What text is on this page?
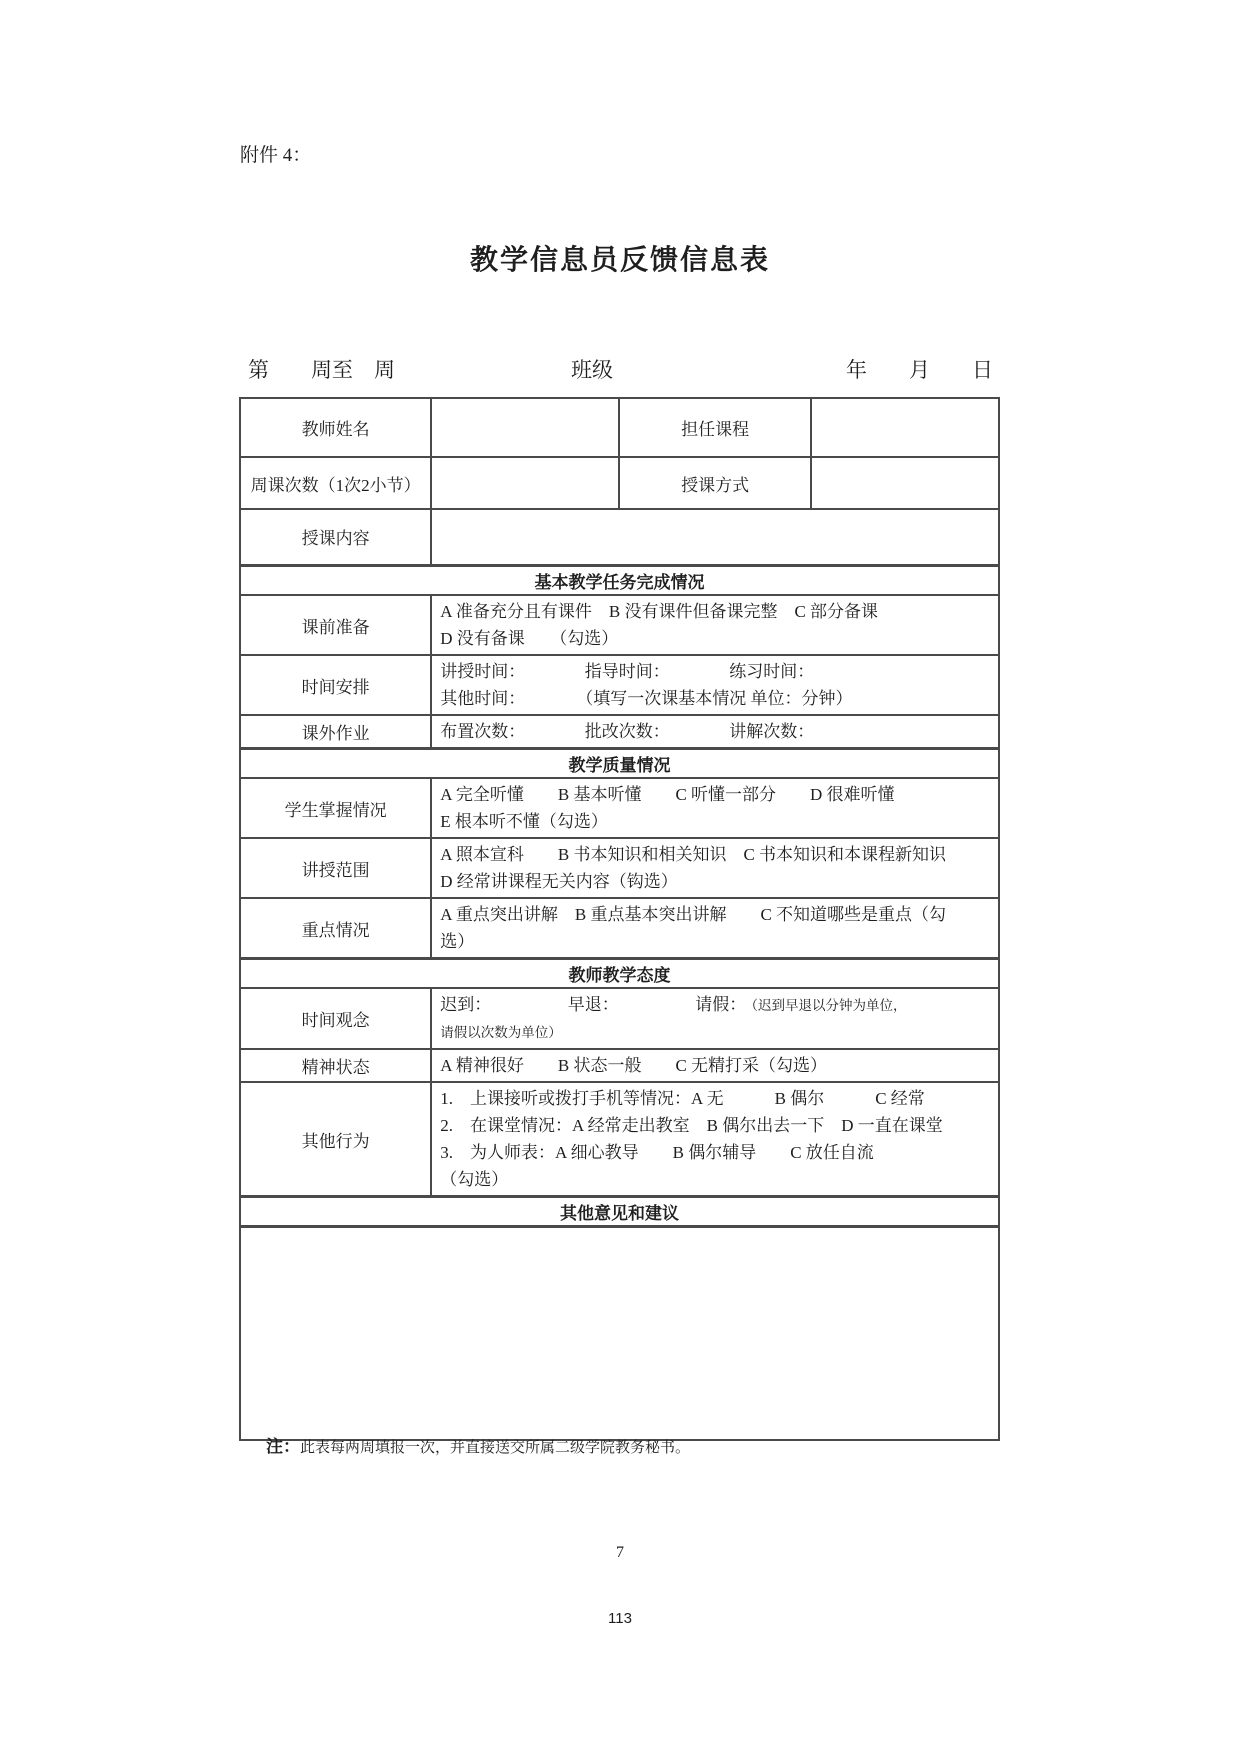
附件 4：
教学信息员反馈信息表
第　　周至　周	班级	年　　月　　日
教师姓名		担任课程	
周课次数（1次2小节）		授课方式	
授课内容			
基本教学任务完成情况			
课前准备	A 准备充分且有课件　B 没有课件但备课完整　C 部分备课
D 没有备课　　（勾选）		

时间安排	讲授时间：　　　　指导时间：　　　　练习时间：
其他时间：　　　　（填写一次课基本情况 单位：分钟）		

课外作业	布置次数：　　　　批改次数：　　　　讲解次数：		

教学质量情况			
学生掌握情况	A 完全听懂　　B 基本听懂　　C 听懂一部分　　D 很难听懂
E 根本听不懂（勾选）		

讲授范围	A 照本宣科　　B 书本知识和相关知识　C 书本知识和本课程新知识
D 经常讲课程无关内容（钩选）		

重点情况	A 重点突出讲解　B 重点基本突出讲解　　C 不知道哪些是重点（勾
选）		

教师教学态度			
时间观念	迟到：　　　　　早退：　　　　　请假：　（迟到早退以分钟为单位，
请假以次数为单位）		

精神状态	A 精神很好　　B 状态一般　　C 无精打采（勾选）		

其他行为	1.　上课接听或拨打手机等情况：A 无　　　B 偶尔　　　C 经常
2.　在课堂情况：A 经常走出教室　B 偶尔出去一下　D 一直在课堂
3.　为人师表：A 细心教导　　B 偶尔辅导　　C 放任自流
（勾选）		

其他意见和建议			

注：此表每两周填报一次，并直接送交所属二级学院教务秘书。
7
113
